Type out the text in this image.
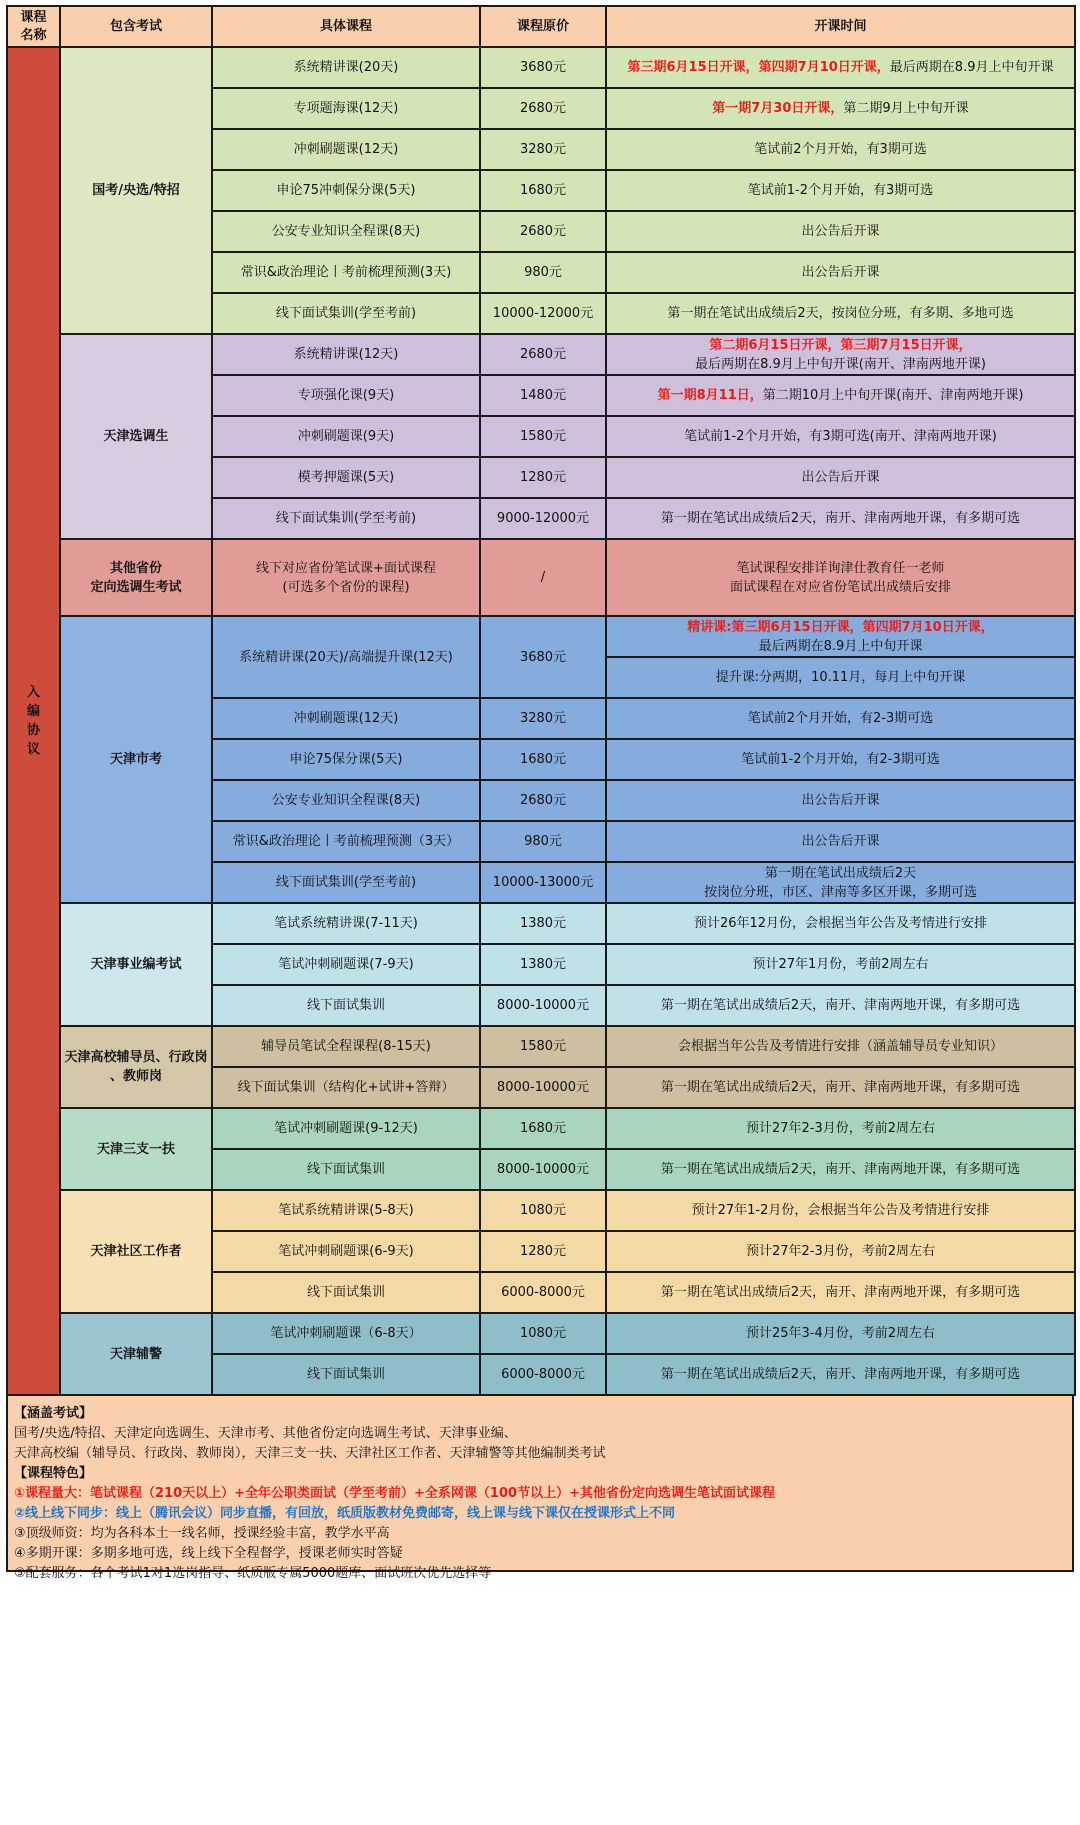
课程名称	包含考试	具体课程	课程原价	开课时间
入编协议	国考/央选/特招	系统精讲课(20天)	3680元	第三期6月15日开课，第四期7月10日开课，最后两期在8.9月上中旬开课
		专项题海课(12天)	2680元	第一期7月30日开课，第二期9月上中旬开课
		冲刺刷题课(12天)	3280元	笔试前2个月开始，有3期可选
		申论75冲刺保分课(5天)	1680元	笔试前1-2个月开始，有3期可选
		公安专业知识全程课(8天)	2680元	出公告后开课
		常识&政治理论丨考前梳理预测(3天)	980元	出公告后开课
		线下面试集训(学至考前)	10000-12000元	第一期在笔试出成绩后2天，按岗位分班，有多期、多地可选
	天津选调生	系统精讲课(12天)	2680元	第二期6月15日开课，第三期7月15日开课，
最后两期在8.9月上中旬开课(南开、津南两地开课)
		专项强化课(9天)	1480元	第一期8月11日，第二期10月上中旬开课(南开、津南两地开课)
		冲刺刷题课(9天)	1580元	笔试前1-2个月开始，有3期可选(南开、津南两地开课)
		模考押题课(5天)	1280元	出公告后开课
		线下面试集训(学至考前)	9000-12000元	第一期在笔试出成绩后2天，南开、津南两地开课，有多期可选
	其他省份
定向选调生考试	线下对应省份笔试课+面试课程
(可选多个省份的课程)	/	笔试课程安排详询津仕教育任一老师
面试课程在对应省份笔试出成绩后安排
	天津市考	系统精讲课(20天)/高端提升课(12天)	3680元	精讲课:第三期6月15日开课，第四期7月10日开课，
最后两期在8.9月上中旬开课
				提升课:分两期，10.11月，每月上中旬开课
		冲刺刷题课(12天)	3280元	笔试前2个月开始，有2-3期可选
		申论75保分课(5天)	1680元	笔试前1-2个月开始，有2-3期可选
		公安专业知识全程课(8天)	2680元	出公告后开课
		常识&政治理论丨考前梳理预测（3天）	980元	出公告后开课
		线下面试集训(学至考前)	10000-13000元	第一期在笔试出成绩后2天
按岗位分班，市区、津南等多区开课，多期可选
	天津事业编考试	笔试系统精讲课(7-11天)	1380元	预计26年12月份，会根据当年公告及考情进行安排
		笔试冲刺刷题课(7-9天)	1380元	预计27年1月份，考前2周左右
		线下面试集训	8000-10000元	第一期在笔试出成绩后2天，南开、津南两地开课，有多期可选
	天津高校辅导员、行政岗
、教师岗	辅导员笔试全程课程(8-15天)	1580元	会根据当年公告及考情进行安排（涵盖辅导员专业知识）
		线下面试集训（结构化+试讲+答辩）	8000-10000元	第一期在笔试出成绩后2天，南开、津南两地开课，有多期可选
	天津三支一扶	笔试冲刺刷题课(9-12天)	1680元	预计27年2-3月份，考前2周左右
		线下面试集训	8000-10000元	第一期在笔试出成绩后2天，南开、津南两地开课，有多期可选
	天津社区工作者	笔试系统精讲课(5-8天)	1080元	预计27年1-2月份，会根据当年公告及考情进行安排
		笔试冲刺刷题课(6-9天)	1280元	预计27年2-3月份，考前2周左右
		线下面试集训	6000-8000元	第一期在笔试出成绩后2天，南开、津南两地开课，有多期可选
	天津辅警	笔试冲刺刷题课（6-8天）	1080元	预计25年3-4月份，考前2周左右
		线下面试集训	6000-8000元	第一期在笔试出成绩后2天，南开、津南两地开课，有多期可选
【涵盖考试】
国考/央选/特招、天津定向选调生、天津市考、其他省份定向选调生考试、天津事业编、
天津高校编（辅导员、行政岗、教师岗），天津三支一扶、天津社区工作者、天津辅警等其他编制类考试
【课程特色】
①课程量大：笔试课程（210天以上）+全年公职类面试（学至考前）+全系网课（100节以上）+其他省份定向选调生笔试面试课程
②线上线下同步：线上（腾讯会议）同步直播，有回放，纸质版教材免费邮寄，线上课与线下课仅在授课形式上不同
③顶级师资：均为各科本土一线名师，授课经验丰富，教学水平高
④多期开课：多期多地可选，线上线下全程督学，授课老师实时答疑
⑤配套服务：各个考试1对1选岗指导、纸质版专属5000题库、面试班次优先选择等
